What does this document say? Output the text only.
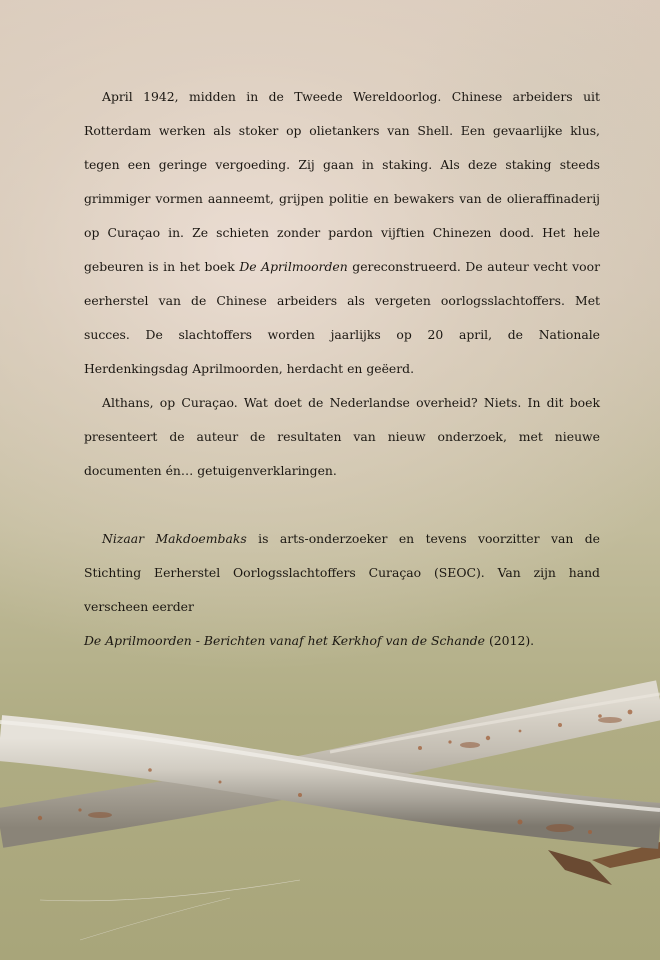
April 1942, midden in de Tweede Wereldoorlog. Chinese arbeiders uit Rotterdam werken als stoker op olietankers van Shell. Een gevaarlijke klus, tegen een geringe vergoeding. Zij gaan in staking. Als deze staking steeds grimmiger vormen aanneemt, grijpen politie en bewakers van de olieraffinaderij op Curaçao in. Ze schieten zonder pardon vijftien Chinezen dood. Het hele gebeuren is in het boek De Aprilmoorden gereconstrueerd. De auteur vecht voor eerherstel van de Chinese arbeiders als vergeten oorlogsslachtoffers. Met succes. De slachtoffers worden jaarlijks op 20 april, de Nationale Herdenkingsdag Aprilmoorden, herdacht en geëerd.

Althans, op Curaçao. Wat doet de Nederlandse overheid? Niets. In dit boek presenteert de auteur de resultaten van nieuw onderzoek, met nieuwe documenten én… getuigenverklaringen.

Nizaar Makdoembaks is arts-onderzoeker en tevens voorzitter van de Stichting Eerherstel Oorlogsslachtoffers Curaçao (SEOC). Van zijn hand verscheen eerder
De Aprilmoorden - Berichten vanaf het Kerkhof van de Schande (2012).
